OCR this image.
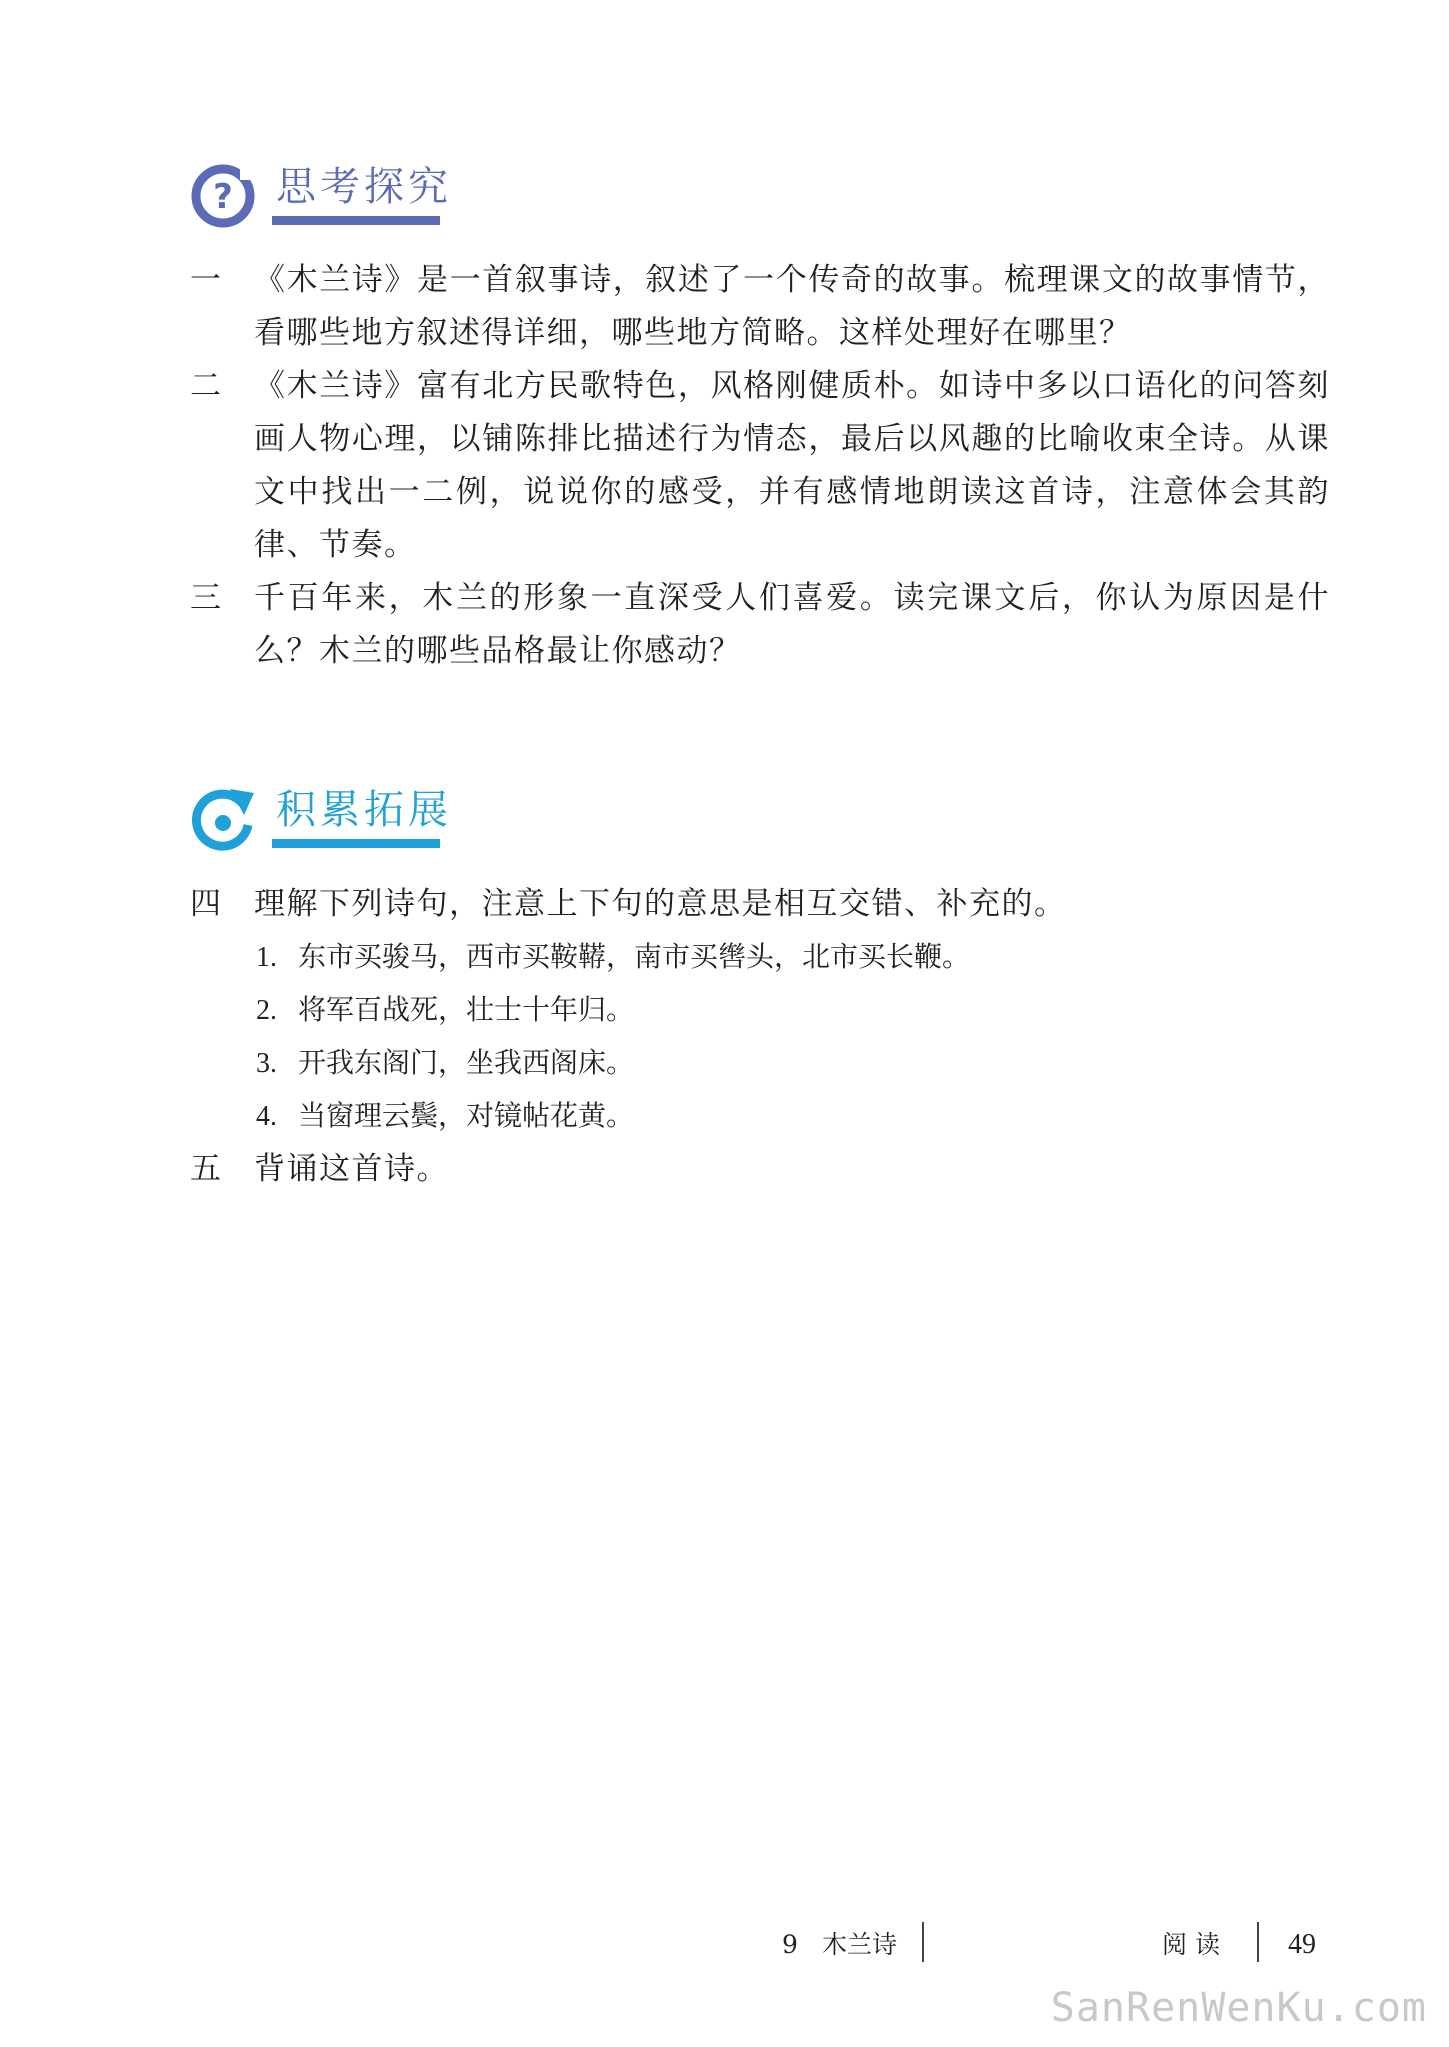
? 思考探究
一	《木兰诗》是一首叙事诗，叙述了一个传奇的故事。梳理课文的故事情节，看哪些地方叙述得详细，哪些地方简略。这样处理好在哪里？
二	《木兰诗》富有北方民歌特色，风格刚健质朴。如诗中多以口语化的问答刻画人物心理，以铺陈排比描述行为情态，最后以风趣的比喻收束全诗。从课文中找出一二例，说说你的感受，并有感情地朗读这首诗，注意体会其韵律、节奏。
三	千百年来，木兰的形象一直深受人们喜爱。读完课文后，你认为原因是什么？木兰的哪些品格最让你感动？
积累拓展
四	理解下列诗句，注意上下句的意思是相互交错、补充的。
1. 东市买骏马，西市买鞍鞯，南市买辔头，北市买长鞭。
2. 将军百战死，壮士十年归。
3. 开我东阁门，坐我西阁床。
4. 当窗理云鬓，对镜帖花黄。
五	背诵这首诗。
9 木兰诗	阅 读 49
SanRenWenKu.com
